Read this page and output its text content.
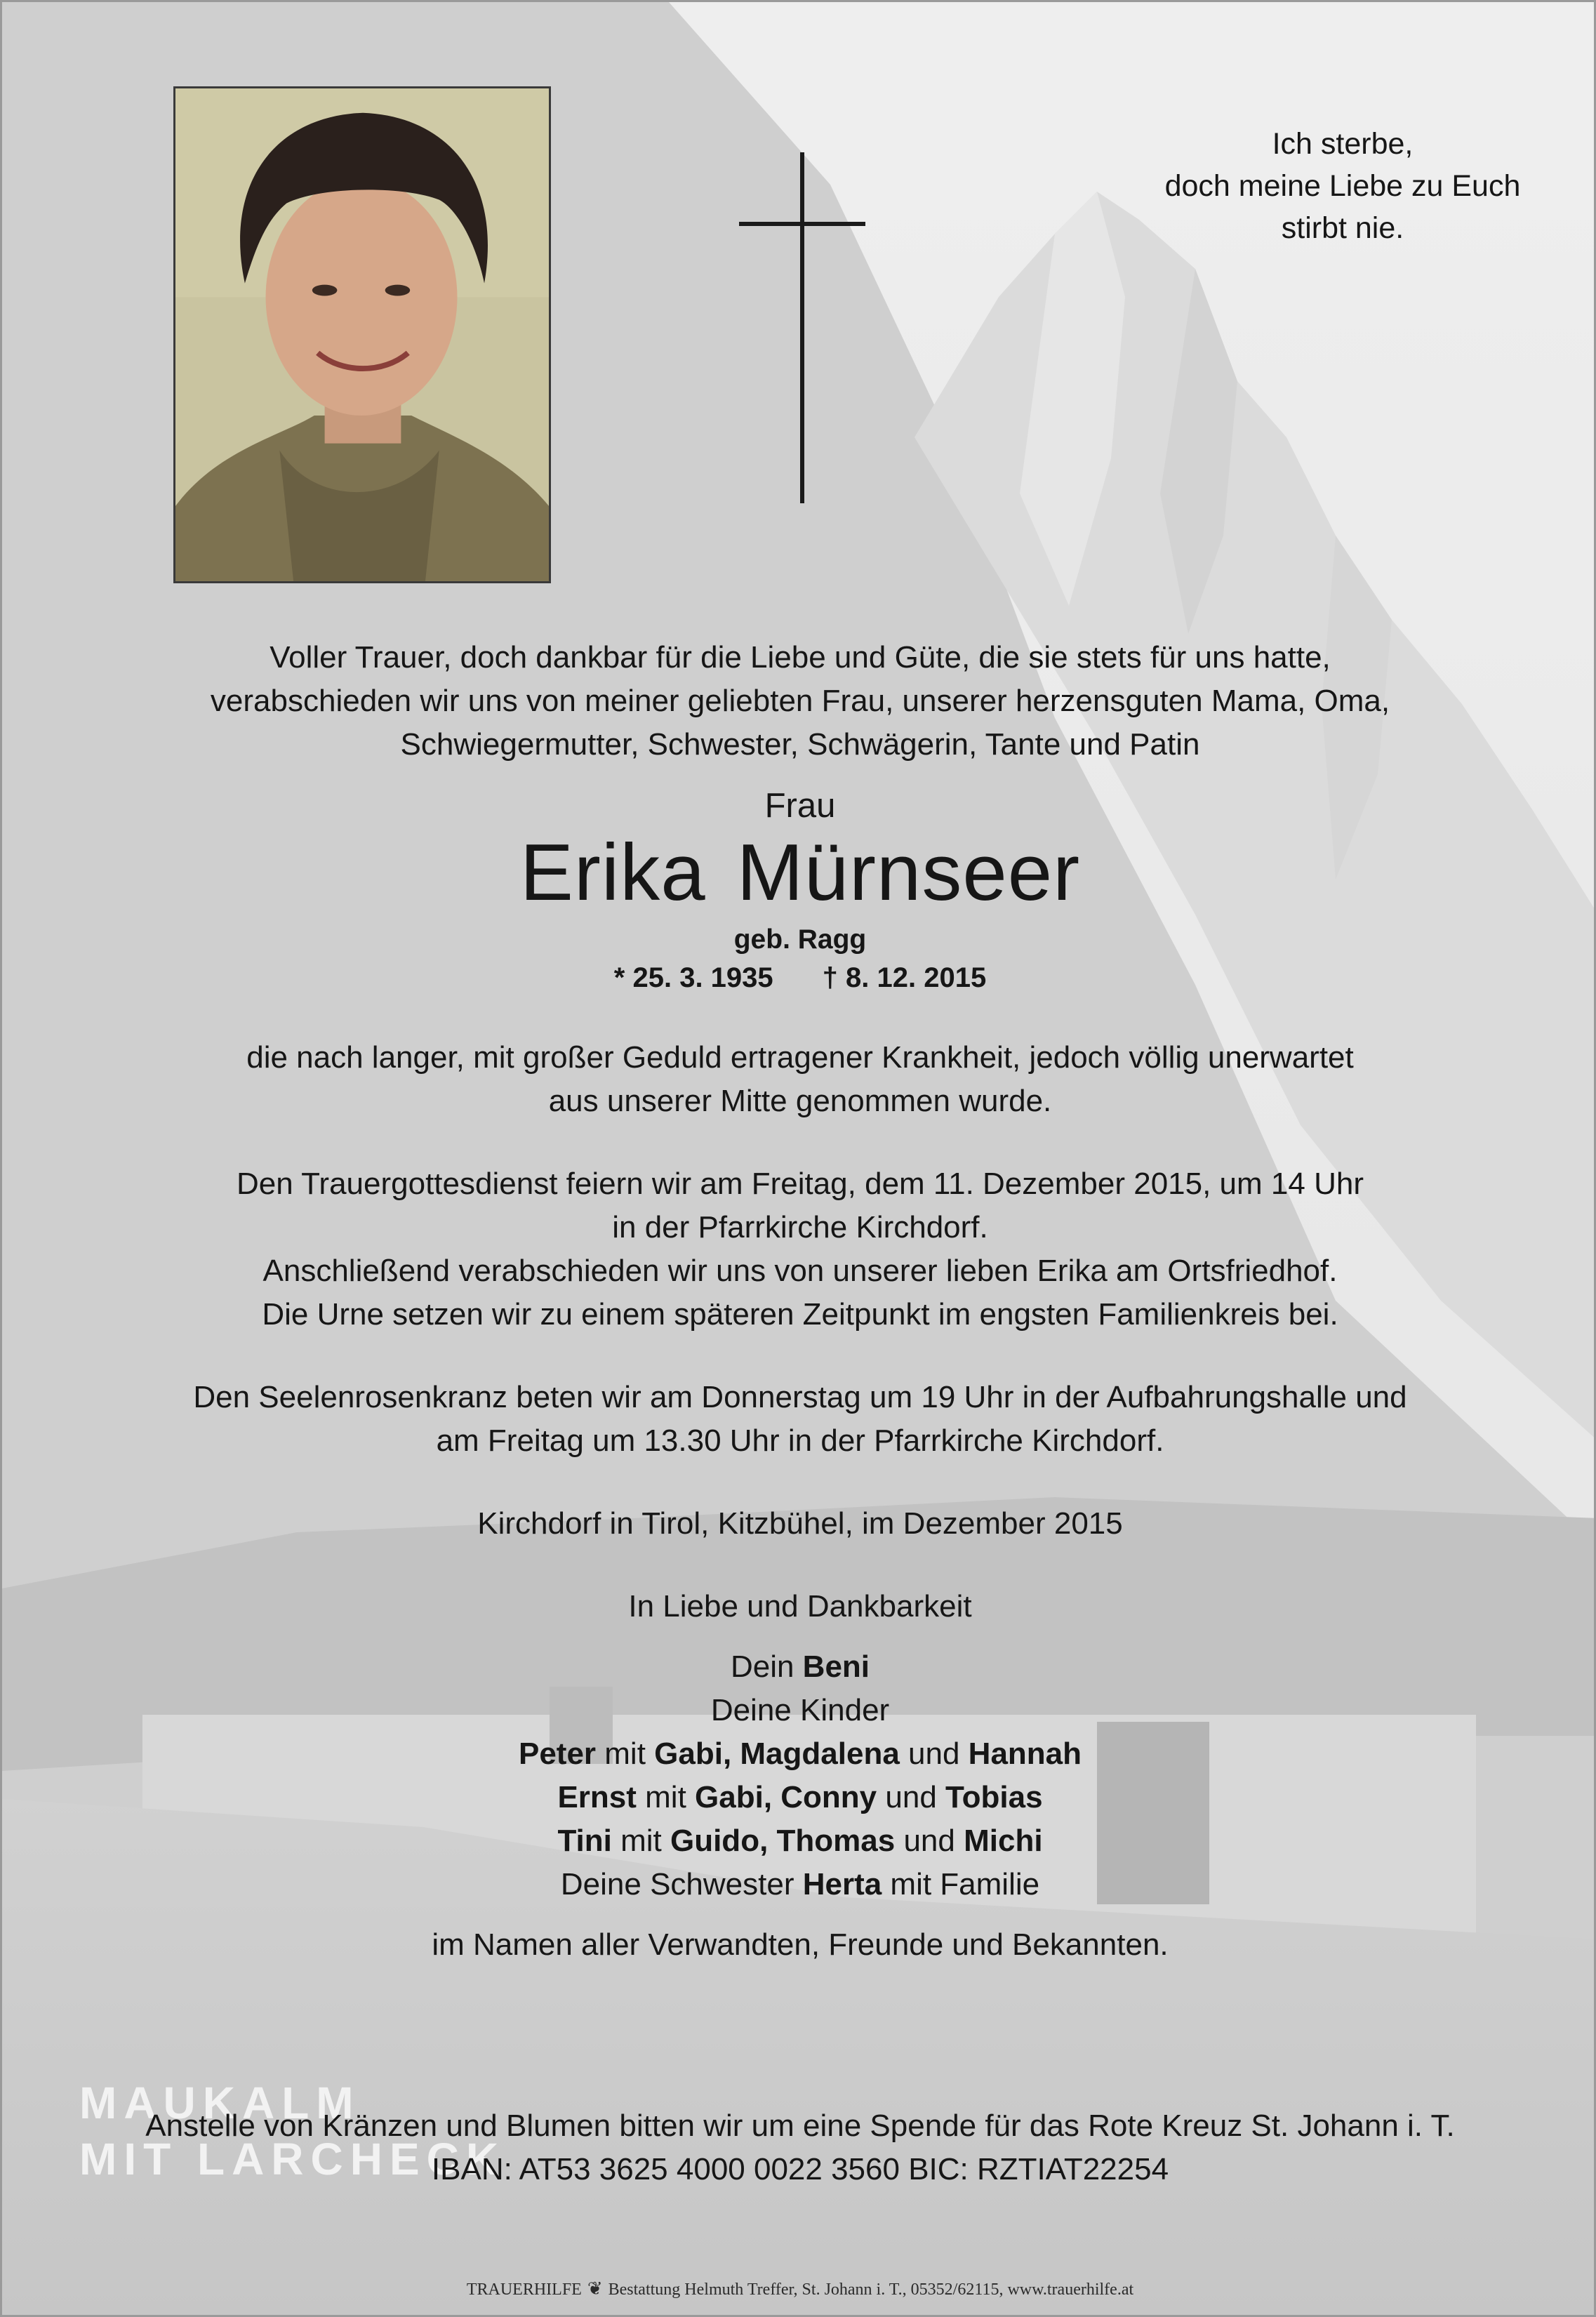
MAUKALM
MIT LARCHECK
Ich sterbe,
doch meine Liebe zu Euch
stirbt nie.
Voller Trauer, doch dankbar für die Liebe und Güte, die sie stets für uns hatte,
verabschieden wir uns von meiner geliebten Frau, unserer herzensguten Mama, Oma,
Schwiegermutter, Schwester, Schwägerin, Tante und Patin
Frau
Erika Mürnseer
geb. Ragg
* 25. 3. 1935 † 8. 12. 2015
die nach langer, mit großer Geduld ertragener Krankheit, jedoch völlig unerwartet
aus unserer Mitte genommen wurde.
Den Trauergottesdienst feiern wir am Freitag, dem 11. Dezember 2015, um 14 Uhr
in der Pfarrkirche Kirchdorf.
Anschließend verabschieden wir uns von unserer lieben Erika am Ortsfriedhof.
Die Urne setzen wir zu einem späteren Zeitpunkt im engsten Familienkreis bei.
Den Seelenrosenkranz beten wir am Donnerstag um 19 Uhr in der Aufbahrungshalle und
am Freitag um 13.30 Uhr in der Pfarrkirche Kirchdorf.
Kirchdorf in Tirol, Kitzbühel, im Dezember 2015
In Liebe und Dankbarkeit
Dein Beni
Deine Kinder
Peter mit Gabi, Magdalena und Hannah
Ernst mit Gabi, Conny und Tobias
Tini mit Guido, Thomas und Michi
Deine Schwester Herta mit Familie
im Namen aller Verwandten, Freunde und Bekannten.
Anstelle von Kränzen und Blumen bitten wir um eine Spende für das Rote Kreuz St. Johann i. T.
IBAN: AT53 3625 4000 0022 3560 BIC: RZTIAT22254
TRAUERHILFE ❦ Bestattung Helmuth Treffer, St. Johann i. T., 05352/62115, www.trauerhilfe.at
